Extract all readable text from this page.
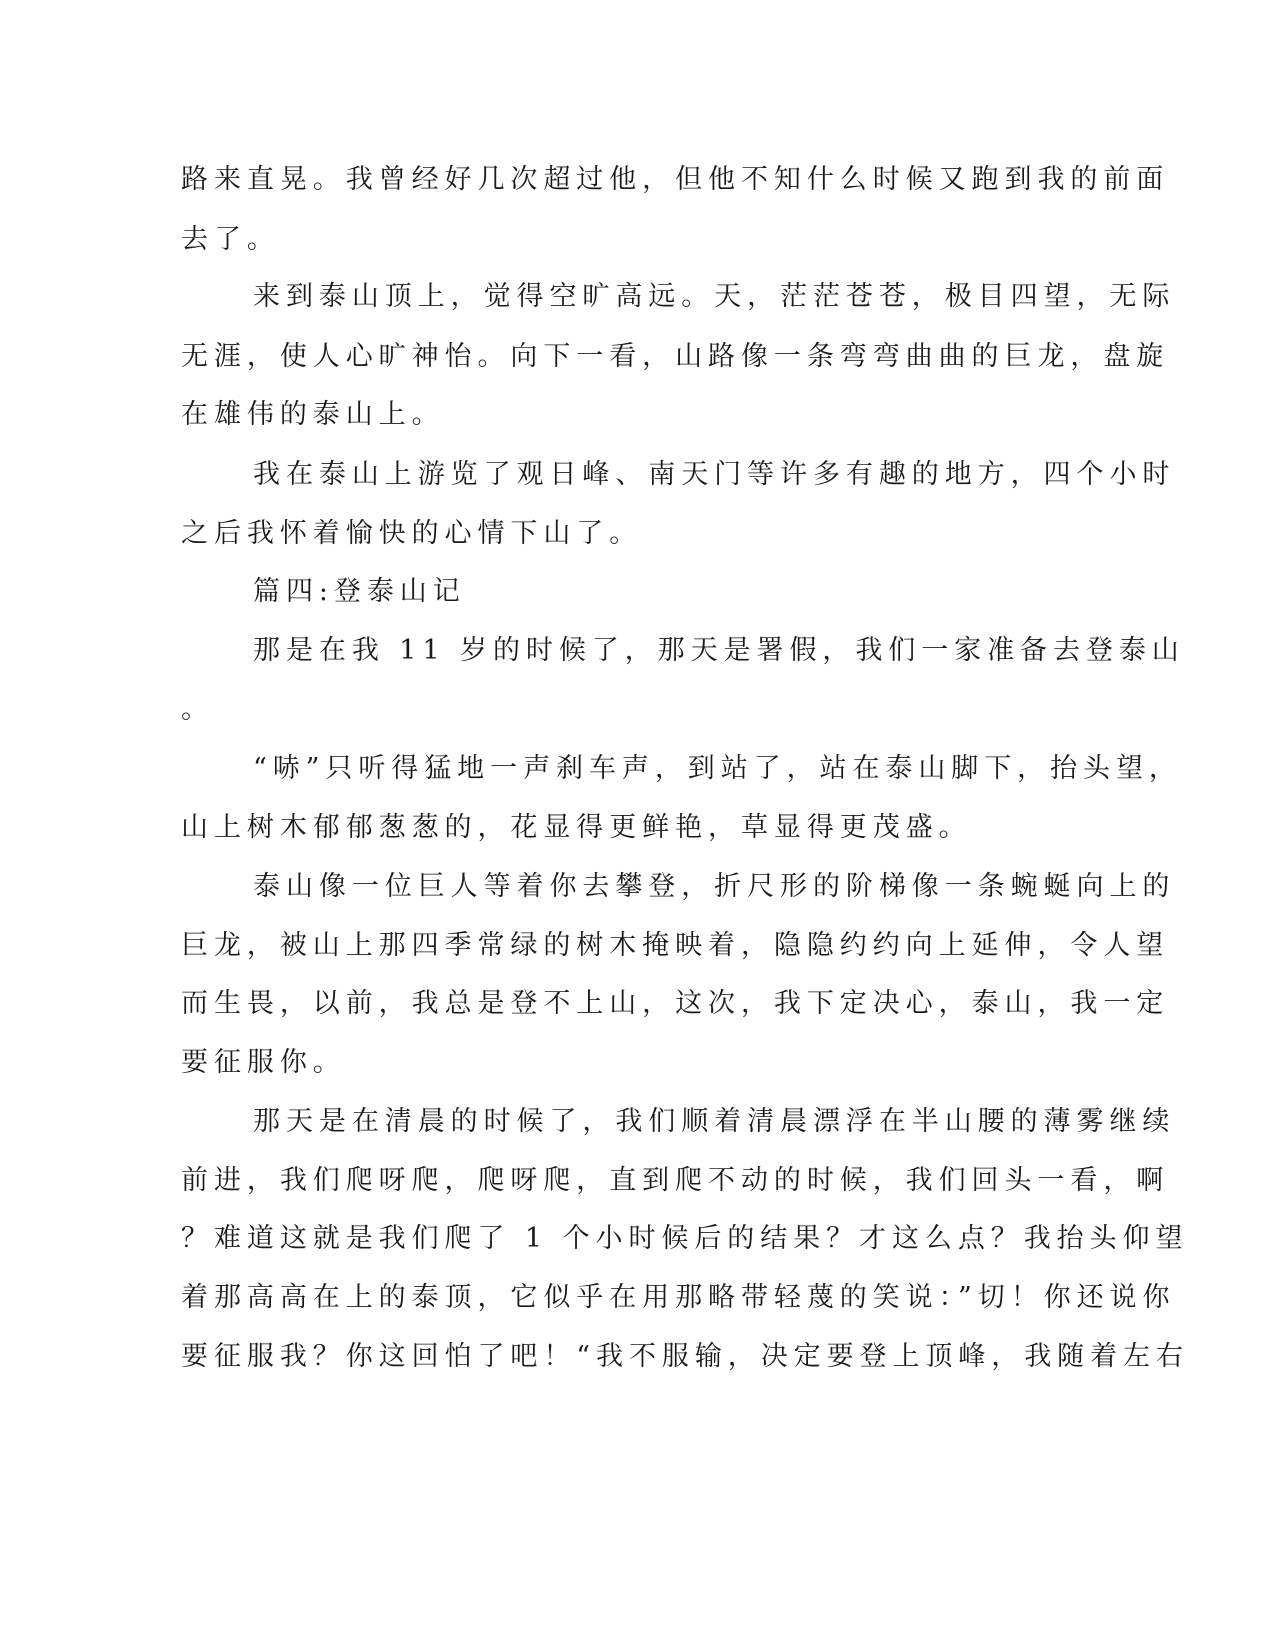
路来直晃。我曾经好几次超过他，但他不知什么时候又跑到我的前面
去了。
来到泰山顶上，觉得空旷高远。天，茫茫苍苍，极目四望，无际
无涯，使人心旷神怡。向下一看，山路像一条弯弯曲曲的巨龙，盘旋
在雄伟的泰山上。
我在泰山上游览了观日峰、南天门等许多有趣的地方，四个小时
之后我怀着愉快的心情下山了。
篇四:登泰山记
那是在我 11 岁的时候了，那天是署假，我们一家准备去登泰山
。
“哧”只听得猛地一声刹车声，到站了，站在泰山脚下，抬头望，
山上树木郁郁葱葱的，花显得更鲜艳，草显得更茂盛。
泰山像一位巨人等着你去攀登，折尺形的阶梯像一条蜿蜒向上的
巨龙，被山上那四季常绿的树木掩映着，隐隐约约向上延伸，令人望
而生畏，以前，我总是登不上山，这次，我下定决心，泰山，我一定
要征服你。
那天是在清晨的时候了，我们顺着清晨漂浮在半山腰的薄雾继续
前进，我们爬呀爬，爬呀爬，直到爬不动的时候，我们回头一看，啊
？难道这就是我们爬了 1 个小时候后的结果？才这么点？我抬头仰望
着那高高在上的泰顶，它似乎在用那略带轻蔑的笑说：”切！你还说你
要征服我？你这回怕了吧！“我不服输，决定要登上顶峰，我随着左右
